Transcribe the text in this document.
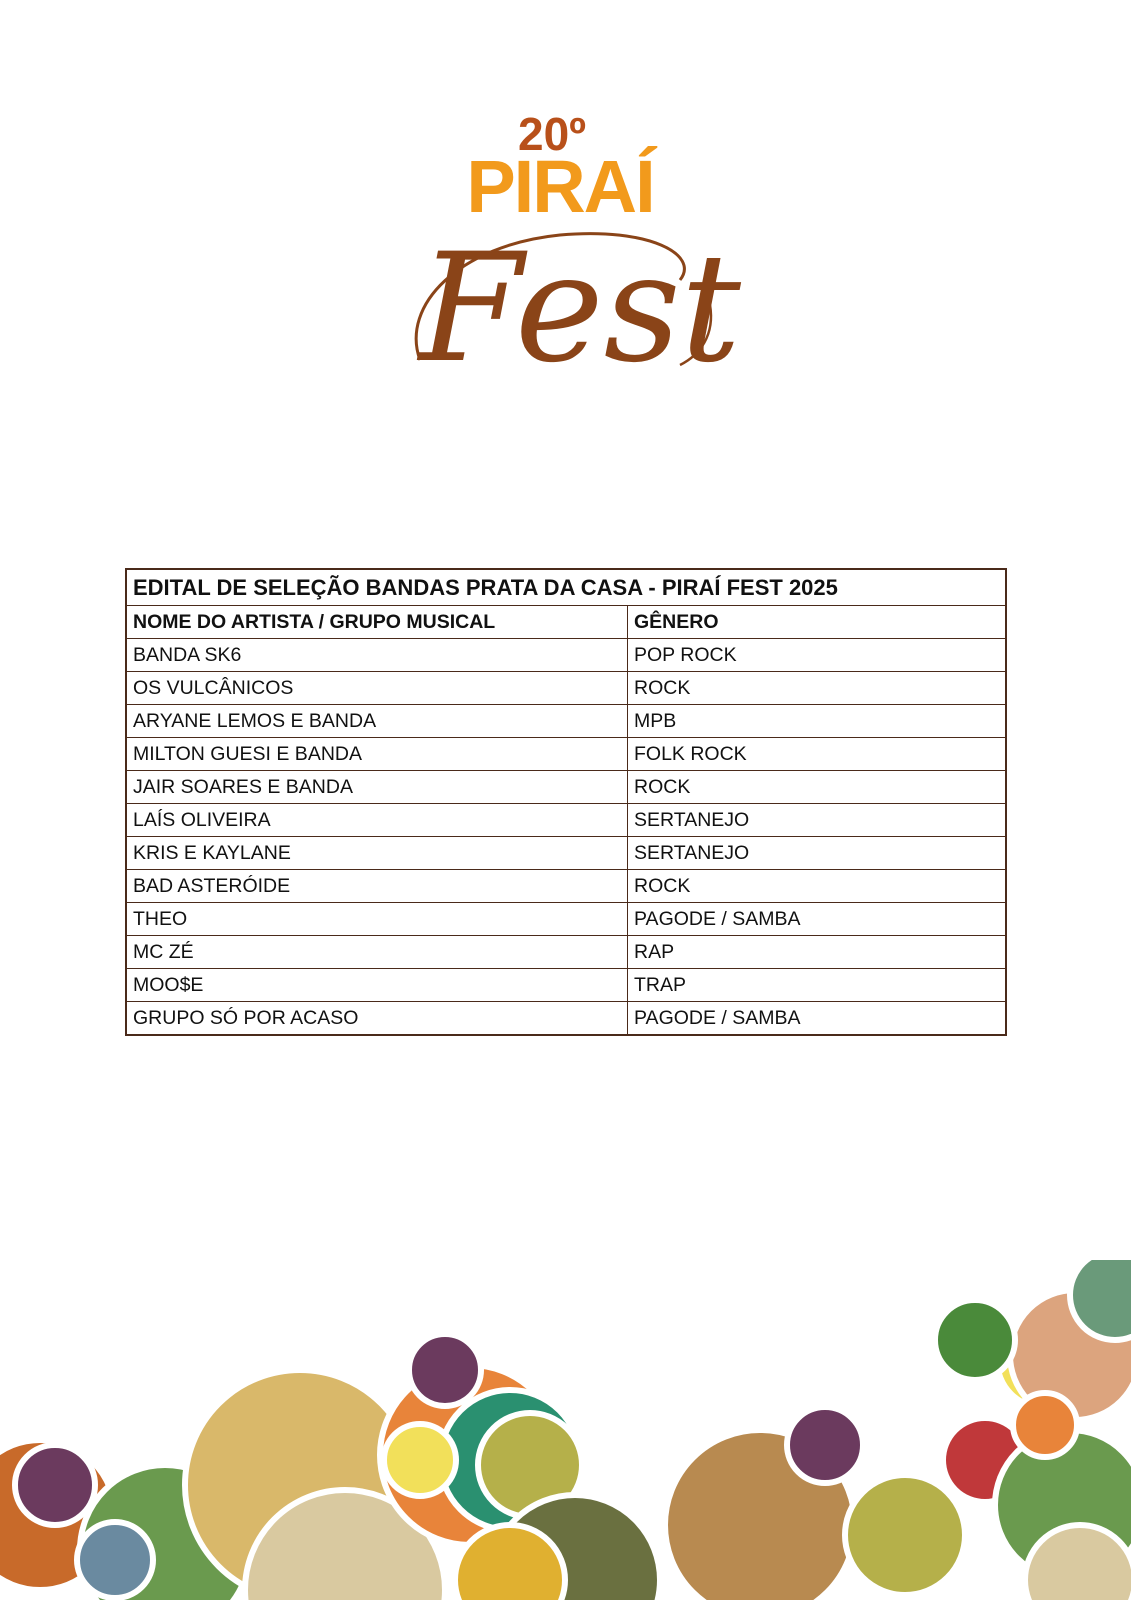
20º
PIRAÍ
Fest
EDITAL DE SELEÇÃO BANDAS PRATA DA CASA - PIRAÍ FEST 2025	
NOME DO ARTISTA / GRUPO MUSICAL	GÊNERO
BANDA SK6	POP ROCK
OS VULCÂNICOS	ROCK
ARYANE LEMOS E BANDA	MPB
MILTON GUESI E BANDA	FOLK ROCK
JAIR SOARES E BANDA	ROCK
LAÍS OLIVEIRA	SERTANEJO
KRIS E KAYLANE	SERTANEJO
BAD ASTERÓIDE	ROCK
THEO	PAGODE / SAMBA
MC ZÉ	RAP
MOO$E	TRAP
GRUPO SÓ POR ACASO	PAGODE / SAMBA
